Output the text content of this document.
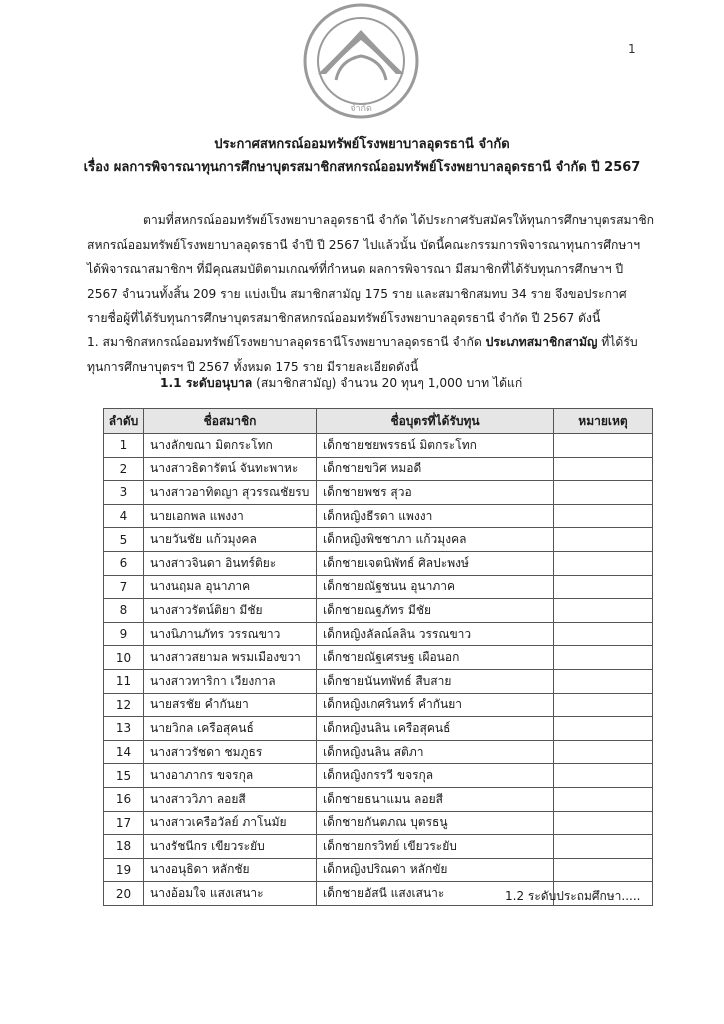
1
จำกัด
ประกาศสหกรณ์ออมทรัพย์โรงพยาบาลอุดรธานี จำกัด
เรื่อง ผลการพิจารณาทุนการศึกษาบุตรสมาชิกสหกรณ์ออมทรัพย์โรงพยาบาลอุดรธานี จำกัด ปี 2567
ตามที่สหกรณ์ออมทรัพย์โรงพยาบาลอุดรธานี จำกัด ได้ประกาศรับสมัครให้ทุนการศึกษาบุตรสมาชิก
สหกรณ์ออมทรัพย์โรงพยาบาลอุดรธานี จำปี ปี 2567 ไปแล้วนั้น บัดนี้คณะกรรมการพิจารณาทุนการศึกษาฯ
ได้พิจารณาสมาชิกฯ ที่มีคุณสมบัติตามเกณฑ์ที่กำหนด ผลการพิจารณา มีสมาชิกที่ได้รับทุนการศึกษาฯ ปี
2567 จำนวนทั้งสิ้น 209 ราย แบ่งเป็น สมาชิกสามัญ 175 ราย และสมาชิกสมทบ 34 ราย จึงขอประกาศ
รายชื่อผู้ที่ได้รับทุนการศึกษาบุตรสมาชิกสหกรณ์ออมทรัพย์โรงพยาบาลอุดรธานี จำกัด ปี 2567 ดังนี้
1. สมาชิกสหกรณ์ออมทรัพย์โรงพยาบาลอุดรธานีโรงพยาบาลอุดรธานี จำกัด ประเภทสมาชิกสามัญ ที่ได้รับ
ทุนการศึกษาบุตรฯ ปี 2567 ทั้งหมด 175 ราย มีรายละเอียดดังนี้
1.1 ระดับอนุบาล (สมาชิกสามัญ) จำนวน 20 ทุนๆ 1,000 บาท ได้แก่
ลำดับ	ชื่อสมาชิก	ชื่อบุตรที่ได้รับทุน	หมายเหตุ
1	นางลักขณา มิตกระโทก	เด็กชายชยพรรธน์ มิตกระโทก	
2	นางสาวธิดารัตน์ จันทะพาหะ	เด็กชายขวิศ หมอดี	
3	นางสาวอาทิตญา สุวรรณชัยรบ	เด็กชายพชร สุวอ	
4	นายเอกพล แพงงา	เด็กหญิงธีรดา แพงงา	
5	นายวันชัย แก้วมุงคล	เด็กหญิงพิชชาภา แก้วมุงคล	
6	นางสาวจินดา อินทร์ติยะ	เด็กชายเจตนิพัทธ์ ศิลปะพงษ์	
7	นางนฤมล อุนาภาค	เด็กชายณัฐชนน อุนาภาค	
8	นางสาวรัตน์ติยา มีชัย	เด็กชายณฐภัทร มีชัย	
9	นางนิภานภัทร วรรณขาว	เด็กหญิงลัลณ์ลลิน วรรณขาว	
10	นางสาวสยามล พรมเมืองขวา	เด็กชายณัฐเศรษฐ เผือนอก	
11	นางสาวทาริกา เวียงกาล	เด็กชายนันทพัทธ์ สืบสาย	
12	นายสรชัย คำกันยา	เด็กหญิงเกศรินทร์ คำกันยา	
13	นายวิกล เครือสุคนธ์	เด็กหญิงนลิน เครือสุคนธ์	
14	นางสาวรัชดา ชมภูธร	เด็กหญิงนลิน สติภา	
15	นางอาภากร ขจรกุล	เด็กหญิงกรรวี ขจรกุล	
16	นางสาววิภา ลอยสี	เด็กชายธนาแมน ลอยสี	
17	นางสาวเครือวัลย์ ภาโนมัย	เด็กชายกันตภณ บุตรธนู	
18	นางรัชนีกร เขียวระยับ	เด็กชายกรวิทย์ เขียวระยับ	
19	นางอนุธิดา หลักชัย	เด็กหญิงปริณดา หลักขัย	
20	นางอ้อมใจ แสงเสนาะ	เด็กชายอัสนี แสงเสนาะ		1.2 ระดับประถมศึกษา.....
